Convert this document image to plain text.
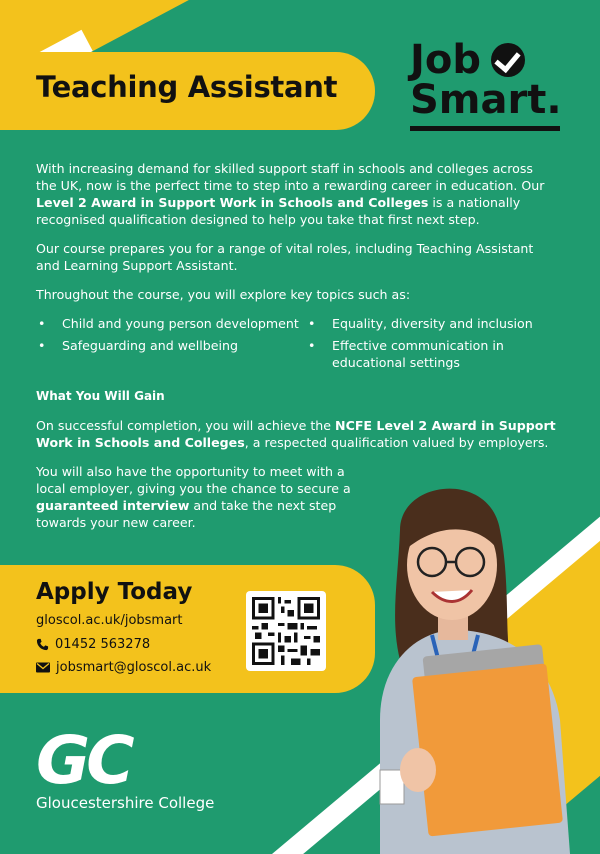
Teaching Assistant
Job
Smart.

With increasing demand for skilled support staff in schools and colleges across the UK, now is the perfect time to step into a rewarding career in education. Our Level 2 Award in Support Work in Schools and Colleges is a nationally recognised qualification designed to help you take that first next step.

Our course prepares you for a range of vital roles, including Teaching Assistant and Learning Support Assistant.

Throughout the course, you will explore key topics such as:

• Child and young person development
• Safeguarding and wellbeing
• Equality, diversity and inclusion
• Effective communication in educational settings
What You Will Gain

On successful completion, you will achieve the NCFE Level 2 Award in Support Work in Schools and Colleges, a respected qualification valued by employers.

You will also have the opportunity to meet with a local employer, giving you the chance to secure a guaranteed interview and take the next step towards your new career.

Apply Today
gloscol.ac.uk/jobsmart
01452 563278
jobsmart@gloscol.ac.uk
GC
Gloucestershire College
